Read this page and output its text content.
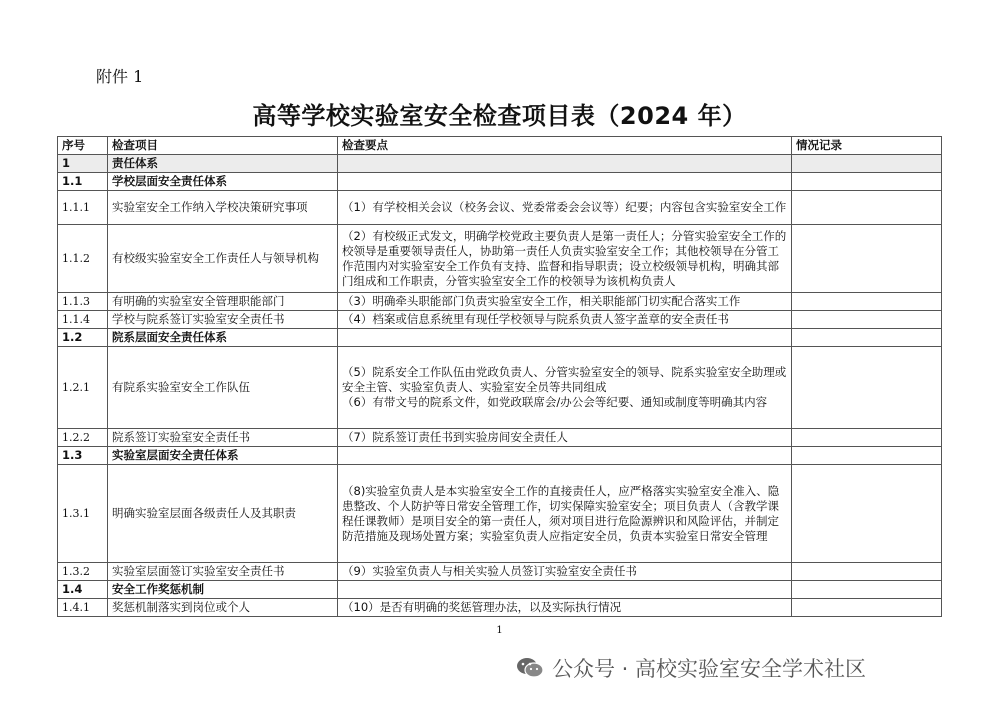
附件 1
高等学校实验室安全检查项目表（2024 年）
序号	检查项目	检查要点	情况记录
1	责任体系		
1.1	学校层面安全责任体系		
1.1.1	实验室安全工作纳入学校决策研究事项	（1）有学校相关会议（校务会议、党委常委会会议等）纪要；内容包含实验室安全工作	
1.1.2	有校级实验室安全工作责任人与领导机构	（2）有校级正式发文，明确学校党政主要负责人是第一责任人；分管实验室安全工作的校领导是重要领导责任人，协助第一责任人负责实验室安全工作；其他校领导在分管工作范围内对实验室安全工作负有支持、监督和指导职责；设立校级领导机构，明确其部门组成和工作职责，分管实验室安全工作的校领导为该机构负责人	
1.1.3	有明确的实验室安全管理职能部门	（3）明确牵头职能部门负责实验室安全工作，相关职能部门切实配合落实工作	
1.1.4	学校与院系签订实验室安全责任书	（4）档案或信息系统里有现任学校领导与院系负责人签字盖章的安全责任书	
1.2	院系层面安全责任体系		
1.2.1	有院系实验室安全工作队伍	（5）院系安全工作队伍由党政负责人、分管实验室安全的领导、院系实验室安全助理或安全主管、实验室负责人、实验室安全员等共同组成
（6）有带文号的院系文件，如党政联席会/办公会等纪要、通知或制度等明确其内容	
1.2.2	院系签订实验室安全责任书	（7）院系签订责任书到实验房间安全责任人	
1.3	实验室层面安全责任体系		
1.3.1	明确实验室层面各级责任人及其职责	（8)实验室负责人是本实验室安全工作的直接责任人，应严格落实实验室安全准入、隐患整改、个人防护等日常安全管理工作，切实保障实验室安全；项目负责人（含教学课程任课教师）是项目安全的第一责任人，须对项目进行危险源辨识和风险评估，并制定防范措施及现场处置方案；实验室负责人应指定安全员，负责本实验室日常安全管理	
1.3.2	实验室层面签订实验室安全责任书	（9）实验室负责人与相关实验人员签订实验室安全责任书	
1.4	安全工作奖惩机制		
1.4.1	奖惩机制落实到岗位或个人	（10）是否有明确的奖惩管理办法，以及实际执行情况	
1
公众号 · 高校实验室安全学术社区
